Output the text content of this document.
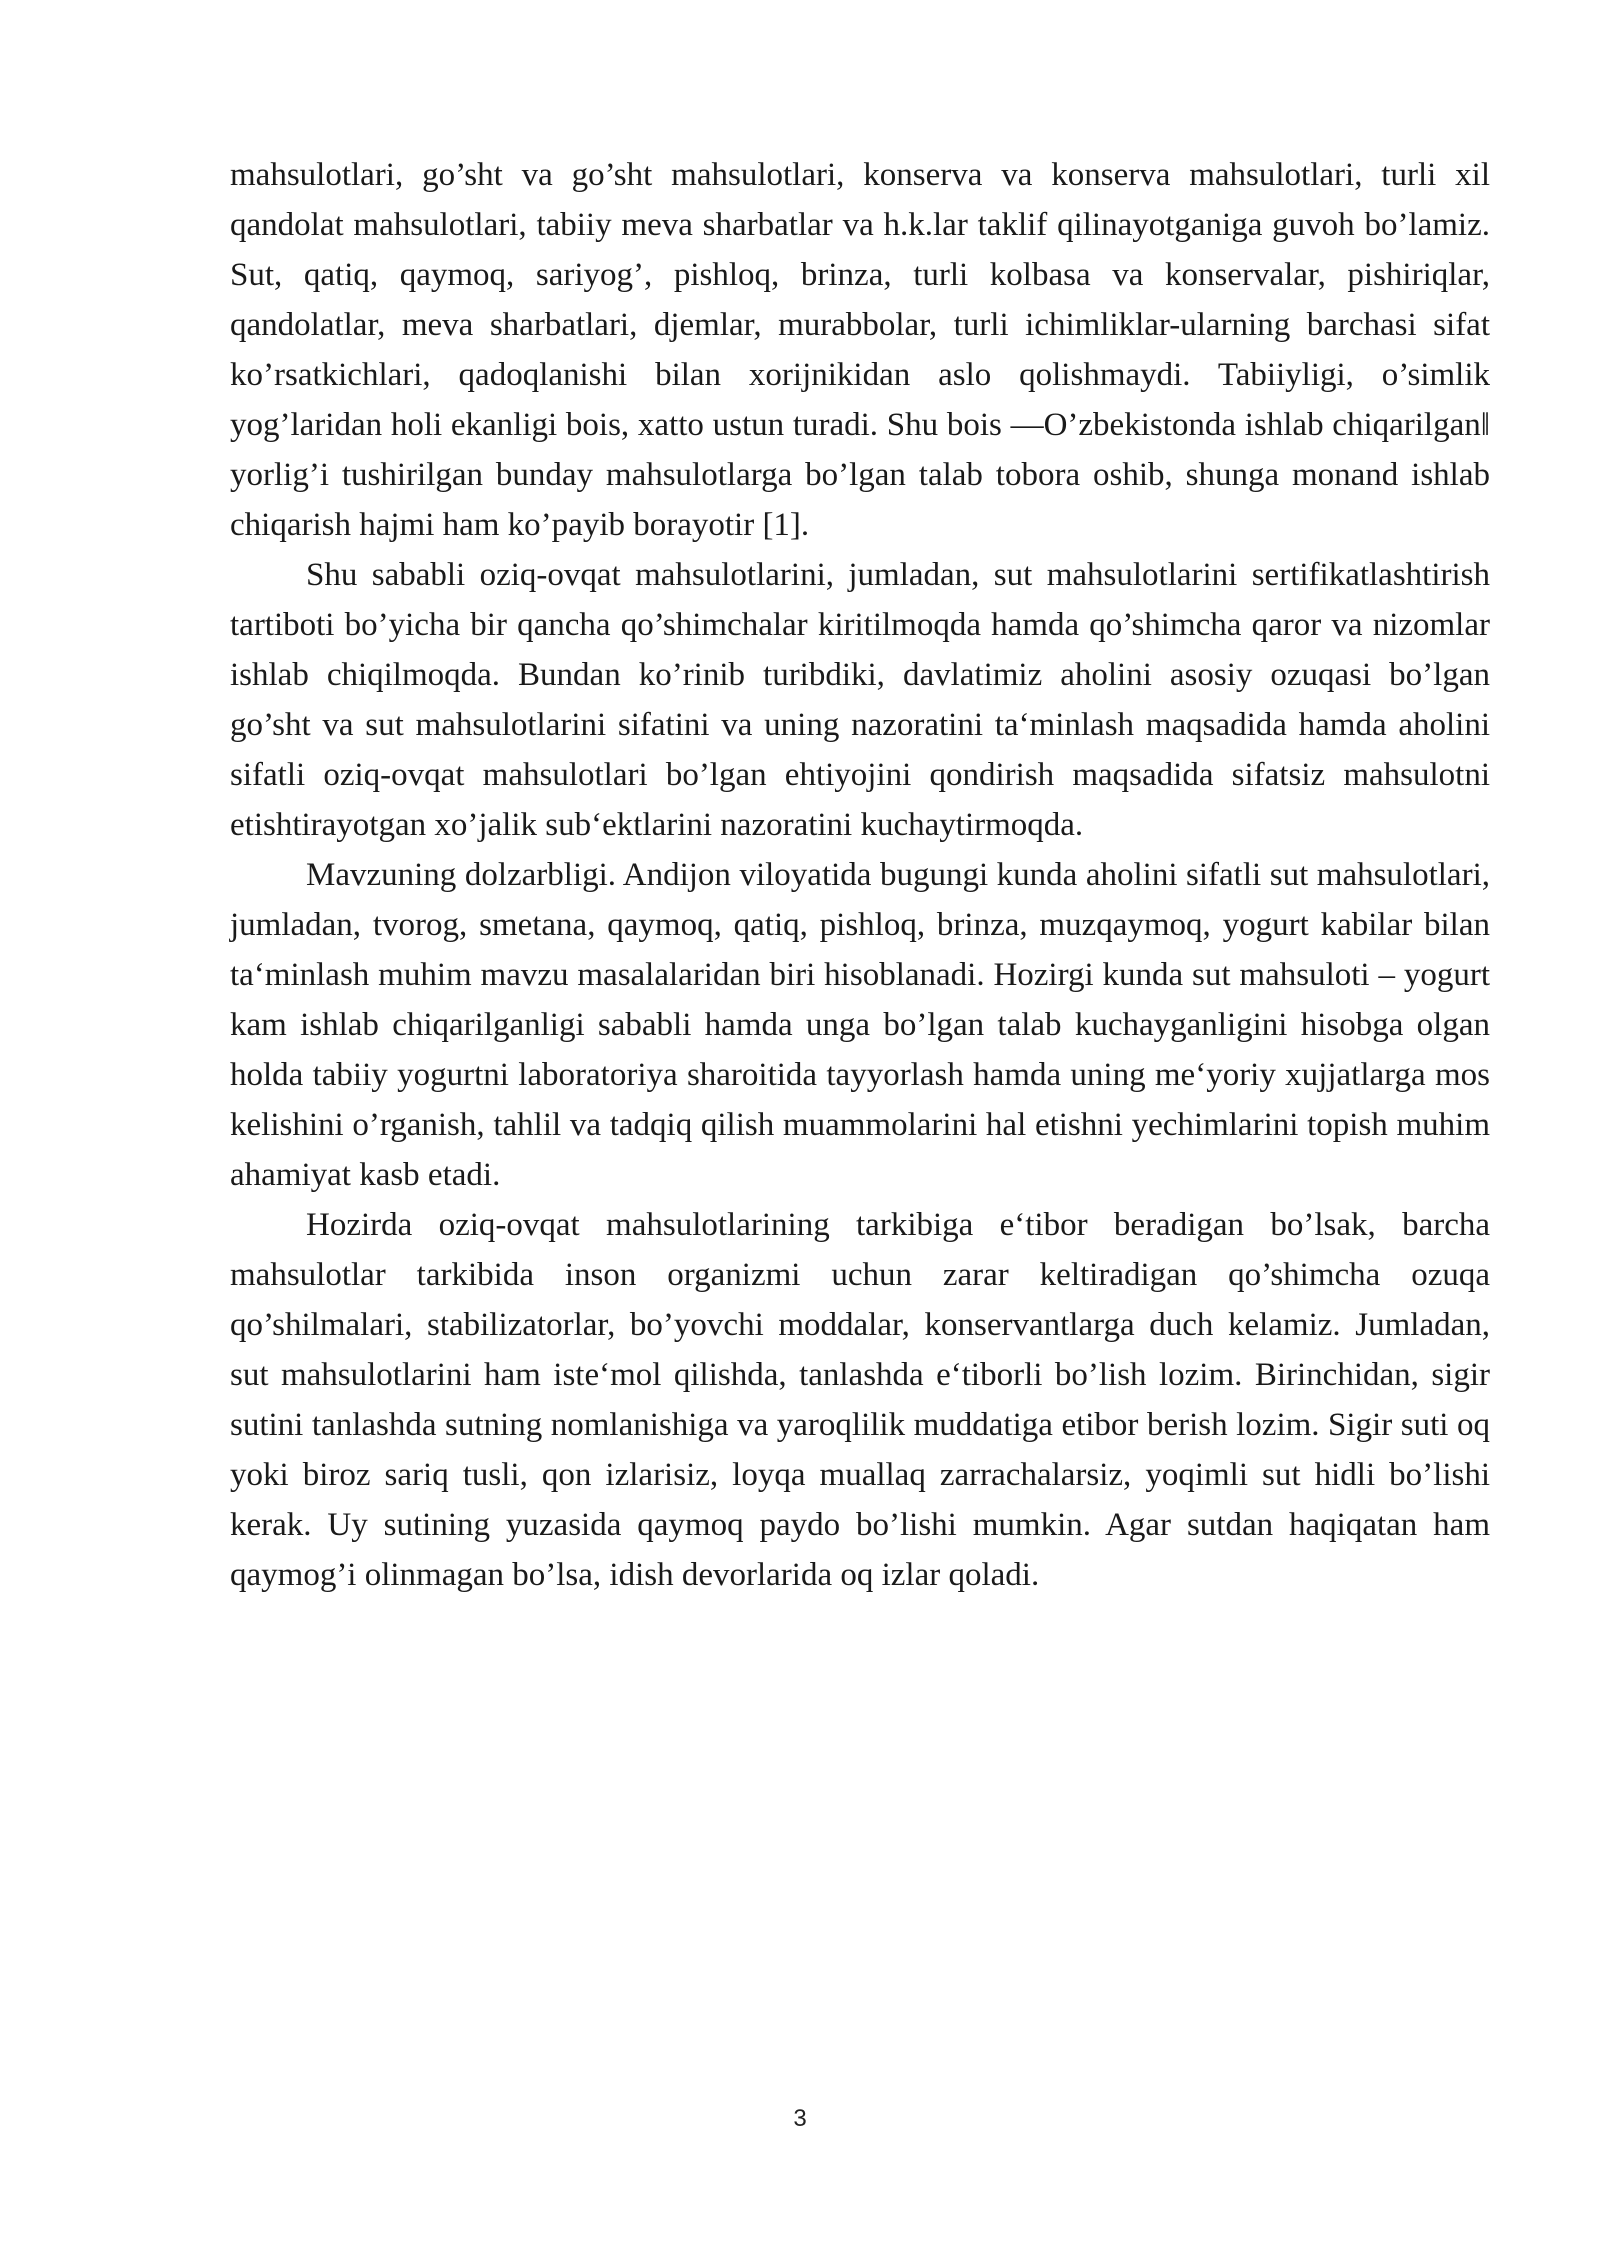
mahsulotlari, go’sht va go’sht mahsulotlari, konserva va konserva mahsulotlari, turli xil qandolat mahsulotlari, tabiiy meva sharbatlar va h.k.lar taklif qilinayotganiga guvoh bo’lamiz. Sut, qatiq, qaymoq, sariyog’, pishloq, brinza, turli kolbasa va konservalar, pishiriqlar, qandolatlar, meva sharbatlari, djemlar, murabbolar, turli ichimliklar-ularning barchasi sifat ko’rsatkichlari, qadoqlanishi bilan xorijnikidan aslo qolishmaydi. Tabiiyligi, o’simlik yog’laridan holi ekanligi bois, xatto ustun turadi. Shu bois ―O’zbekistonda ishlab chiqarilgan‖ yorlig’i tushirilgan bunday mahsulotlarga bo’lgan talab tobora oshib, shunga monand ishlab chiqarish hajmi ham ko’payib borayotir [1].

Shu sababli oziq-ovqat mahsulotlarini, jumladan, sut mahsulotlarini sertifikatlashtirish tartiboti bo’yicha bir qancha qo’shimchalar kiritilmoqda hamda qo’shimcha qaror va nizomlar ishlab chiqilmoqda. Bundan ko’rinib turibdiki, davlatimiz aholini asosiy ozuqasi bo’lgan go’sht va sut mahsulotlarini sifatini va uning nazoratini ta‘minlash maqsadida hamda aholini sifatli oziq-ovqat mahsulotlari bo’lgan ehtiyojini qondirish maqsadida sifatsiz mahsulotni etishtirayotgan xo’jalik sub‘ektlarini nazoratini kuchaytirmoqda.

Mavzuning dolzarbligi. Andijon viloyatida bugungi kunda aholini sifatli sut mahsulotlari, jumladan, tvorog, smetana, qaymoq, qatiq, pishloq, brinza, muzqaymoq, yogurt kabilar bilan ta‘minlash muhim mavzu masalalaridan biri hisoblanadi. Hozirgi kunda sut mahsuloti – yogurt kam ishlab chiqarilganligi sababli hamda unga bo’lgan talab kuchayganligini hisobga olgan holda tabiiy yogurtni laboratoriya sharoitida tayyorlash hamda uning me‘yoriy xujjatlarga mos kelishini o’rganish, tahlil va tadqiq qilish muammolarini hal etishni yechimlarini topish muhim ahamiyat kasb etadi.

Hozirda oziq-ovqat mahsulotlarining tarkibiga e‘tibor beradigan bo’lsak, barcha mahsulotlar tarkibida inson organizmi uchun zarar keltiradigan qo’shimcha ozuqa qo’shilmalari, stabilizatorlar, bo’yovchi moddalar, konservantlarga duch kelamiz. Jumladan, sut mahsulotlarini ham iste‘mol qilishda, tanlashda e‘tiborli bo’lish lozim. Birinchidan, sigir sutini tanlashda sutning nomlanishiga va yaroqlilik muddatiga etibor berish lozim. Sigir suti oq yoki biroz sariq tusli, qon izlarisiz, loyqa muallaq zarrachalarsiz, yoqimli sut hidli bo’lishi kerak. Uy sutining yuzasida qaymoq paydo bo’lishi mumkin. Agar sutdan haqiqatan ham qaymog’i olinmagan bo’lsa, idish devorlarida oq izlar qoladi.

3
